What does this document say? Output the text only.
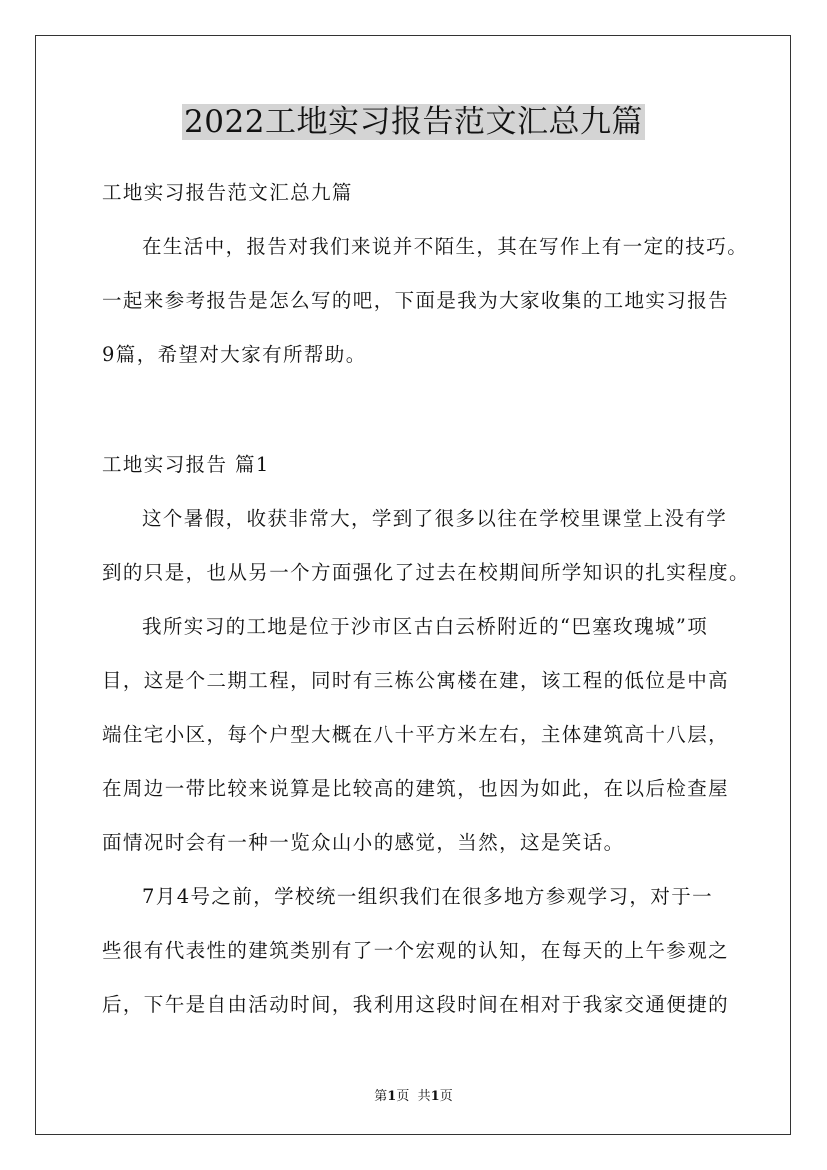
2022工地实习报告范文汇总九篇
工地实习报告范文汇总九篇
在生活中，报告对我们来说并不陌生，其在写作上有一定的技巧。
一起来参考报告是怎么写的吧，下面是我为大家收集的工地实习报告
9篇，希望对大家有所帮助。
工地实习报告 篇1
这个暑假，收获非常大，学到了很多以往在学校里课堂上没有学
到的只是，也从另一个方面强化了过去在校期间所学知识的扎实程度。
我所实习的工地是位于沙市区古白云桥附近的“巴塞玫瑰城”项
目，这是个二期工程，同时有三栋公寓楼在建，该工程的低位是中高
端住宅小区，每个户型大概在八十平方米左右，主体建筑高十八层，
在周边一带比较来说算是比较高的建筑，也因为如此，在以后检查屋
面情况时会有一种一览众山小的感觉，当然，这是笑话。
7月4号之前，学校统一组织我们在很多地方参观学习，对于一
些很有代表性的建筑类别有了一个宏观的认知，在每天的上午参观之
后，下午是自由活动时间，我利用这段时间在相对于我家交通便捷的
第1页 共1页
